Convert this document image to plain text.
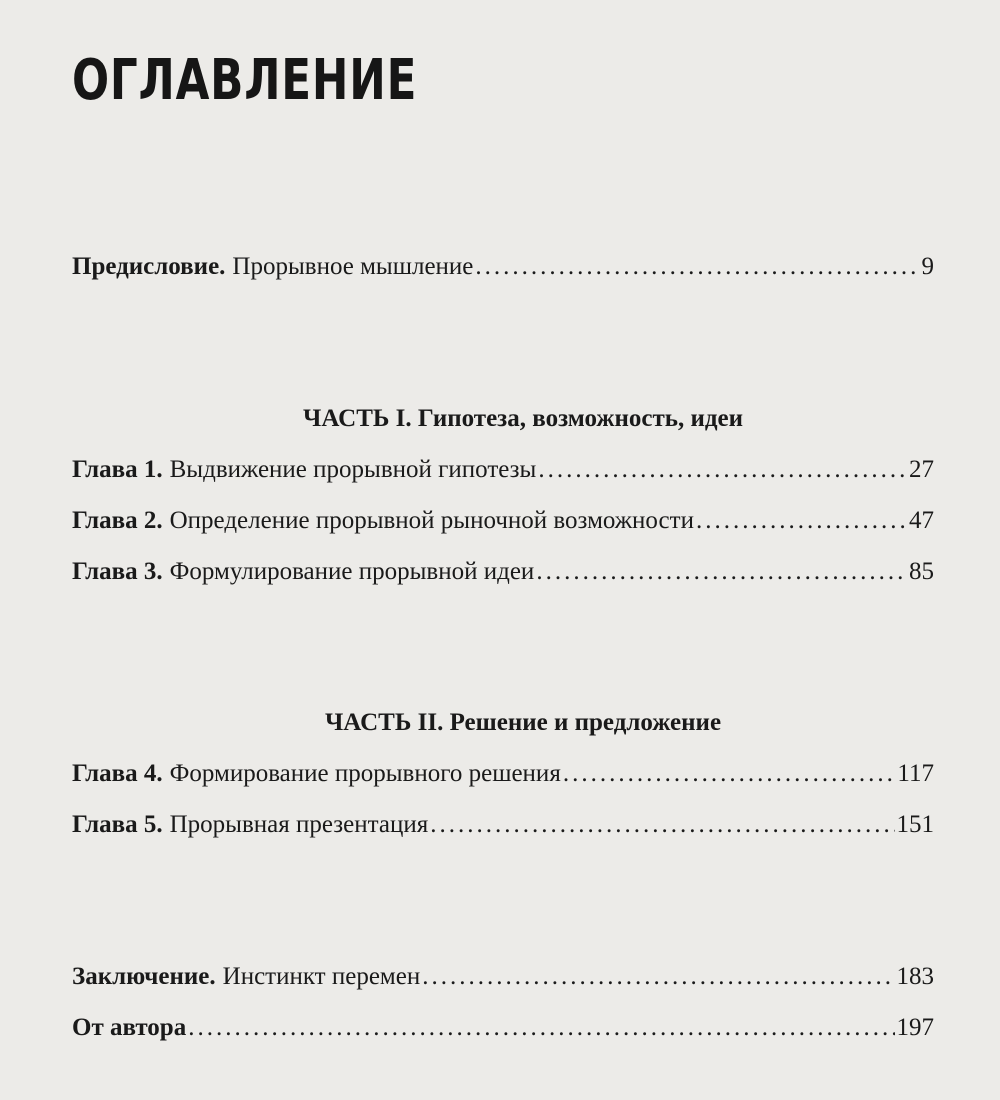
ОГЛАВЛЕНИЕ
Предисловие. Прорывное мышление .....	9
ЧАСТЬ I. Гипотеза, возможность, идеи
Глава 1. Выдвижение прорывной гипотезы .....	27
Глава 2. Определение прорывной рыночной возможности .....	47
Глава 3. Формулирование прорывной идеи .....	85
ЧАСТЬ II. Решение и предложение
Глава 4. Формирование прорывного решения .....	117
Глава 5. Прорывная презентация .....	151
Заключение. Инстинкт перемен .....	183
От автора .....	197
